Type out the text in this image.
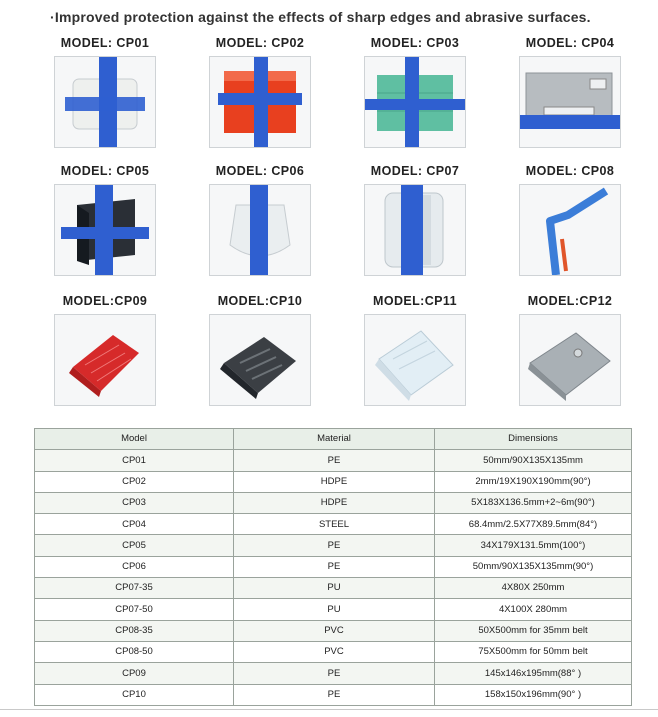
·Improved protection against the effects of sharp edges and abrasive surfaces.
MODEL: CP01	MODEL: CP02	MODEL: CP03	MODEL: CP04
MODEL: CP05	MODEL: CP06	MODEL: CP07	MODEL: CP08
MODEL:CP09	MODEL:CP10	MODEL:CP11	MODEL:CP12
Model	Material	Dimensions
CP01	PE	50mm/90X135X135mm
CP02	HDPE	2mm/19X190X190mm(90°)
CP03	HDPE	5X183X136.5mm+2~6m(90°)
CP04	STEEL	68.4mm/2.5X77X89.5mm(84°)
CP05	PE	34X179X131.5mm(100°)
CP06	PE	50mm/90X135X135mm(90°)
CP07-35	PU	4X80X 250mm
CP07-50	PU	4X100X 280mm
CP08-35	PVC	50X500mm for 35mm belt
CP08-50	PVC	75X500mm for 50mm belt
CP09	PE	145x146x195mm(88° )
CP10	PE	158x150x196mm(90° )
